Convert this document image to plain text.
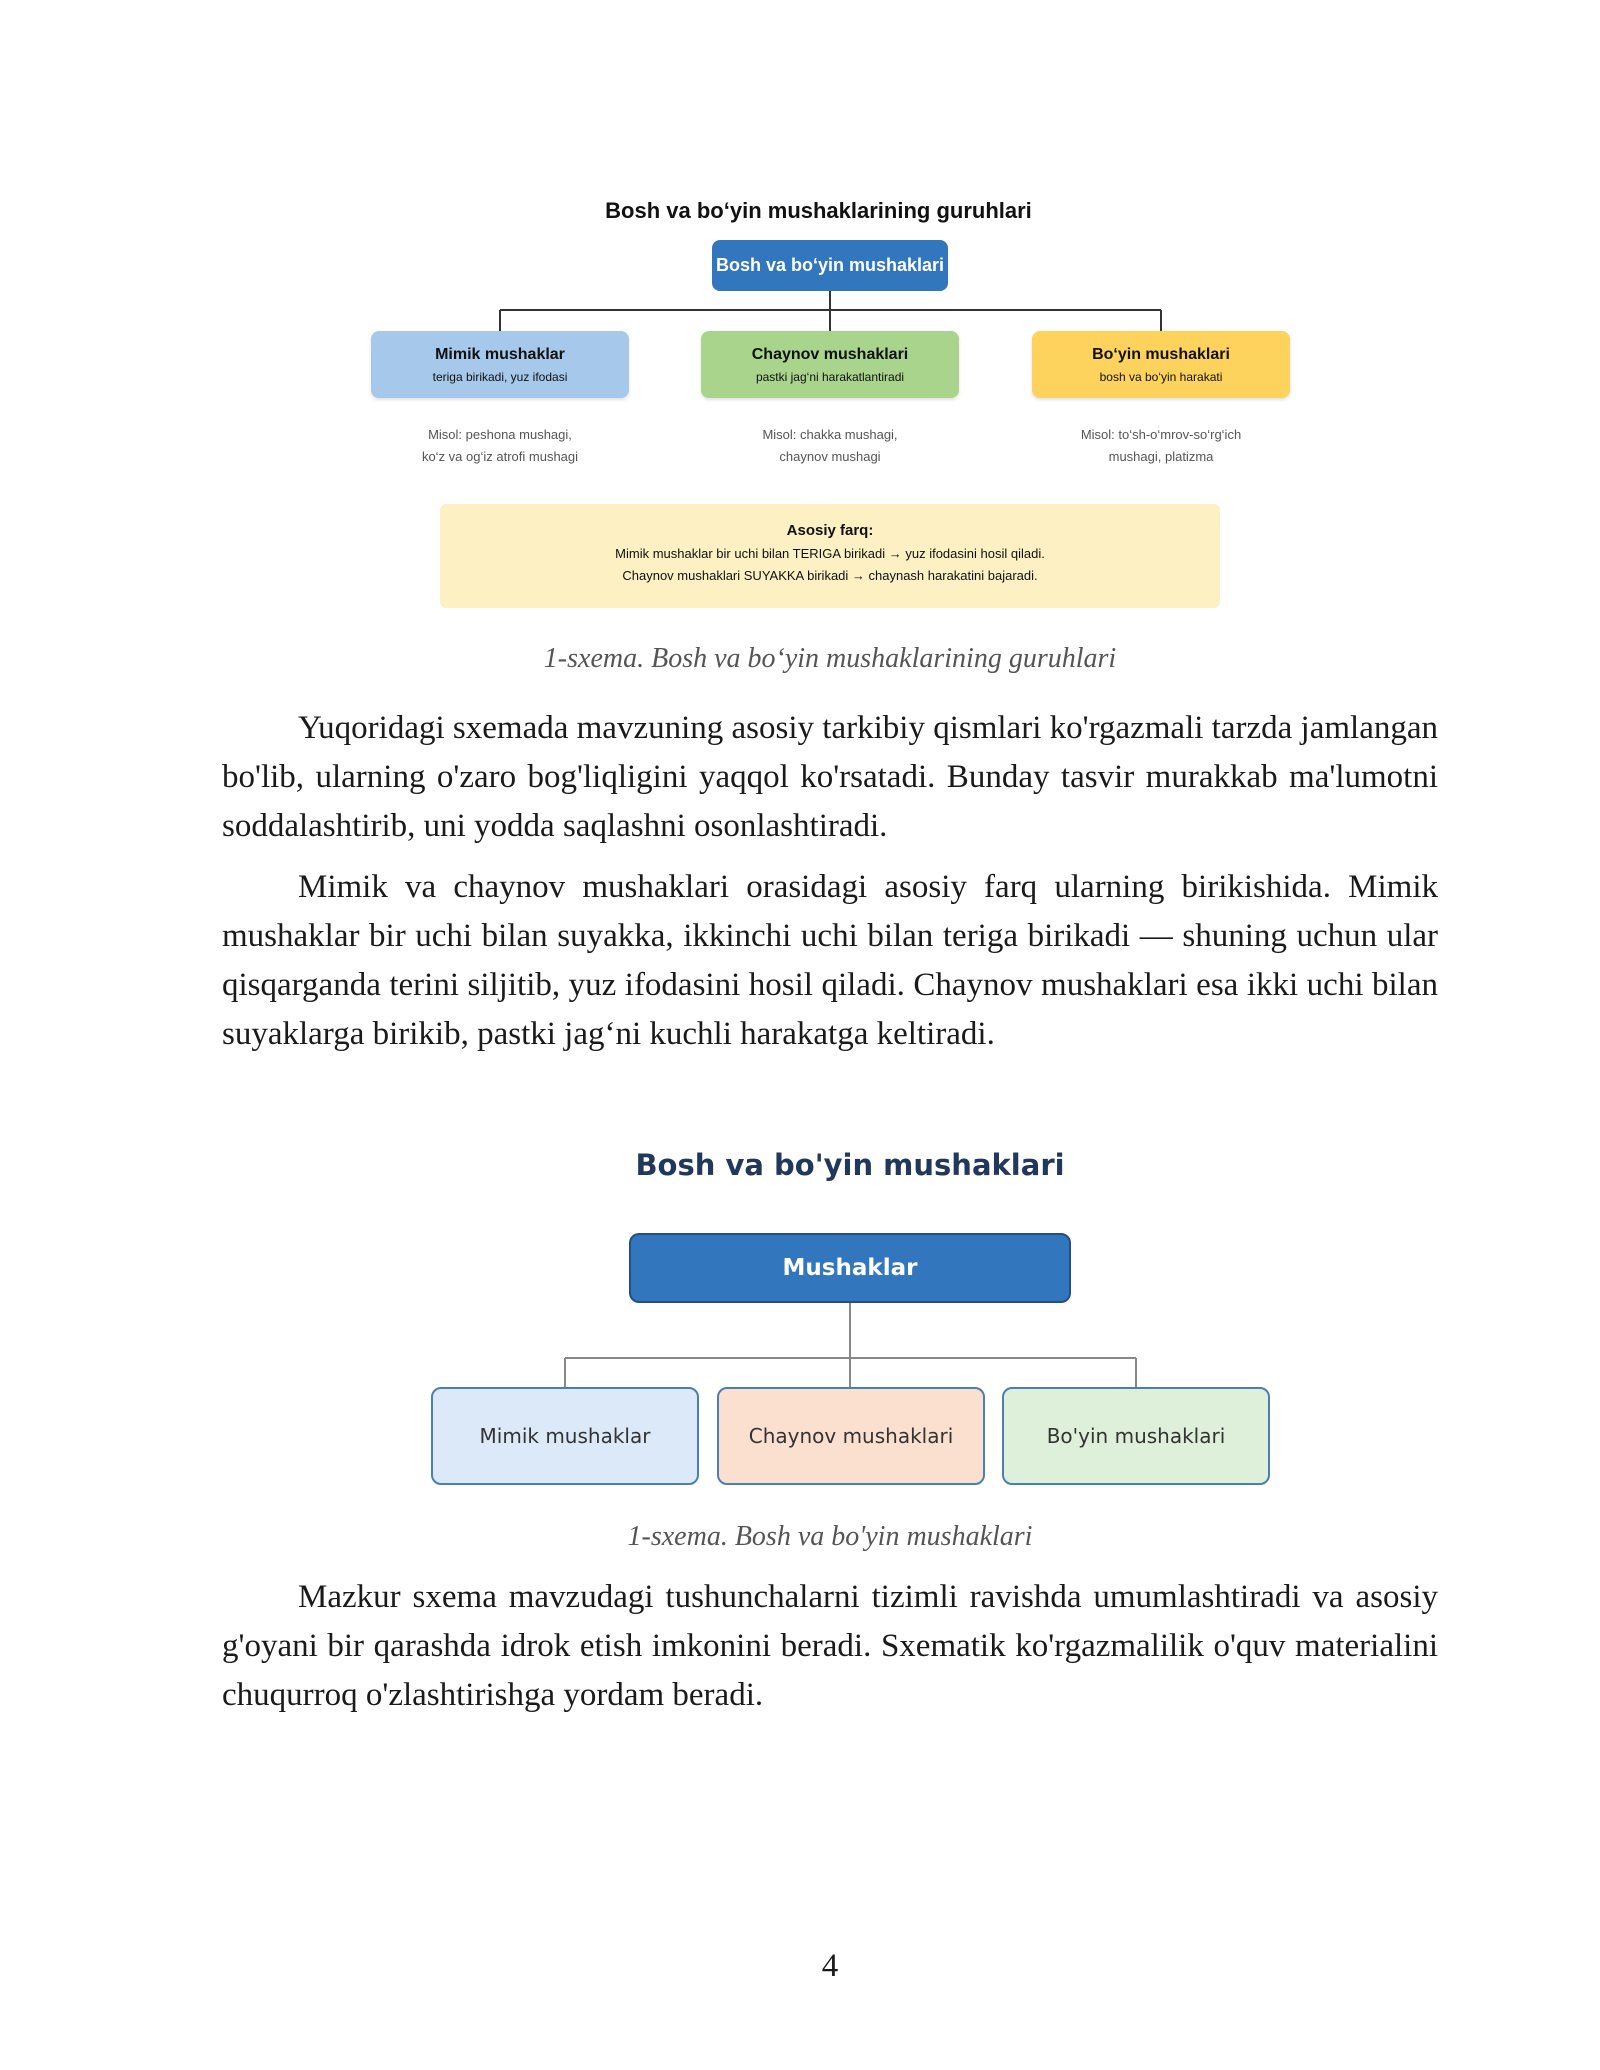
Bosh va bo‘yin mushaklarining guruhlari
Bosh va bo‘yin mushaklari
Mimik mushaklar
teriga birikadi, yuz ifodasi
Chaynov mushaklari
pastki jag‘ni harakatlantiradi
Bo‘yin mushaklari
bosh va bo‘yin harakati
Misol: peshona mushagi,
ko‘z va og‘iz atrofi mushagi
Misol: chakka mushagi,
chaynov mushagi
Misol: to‘sh-o‘mrov-so‘rg‘ich
mushagi, platizma
Asosiy farq:
Mimik mushaklar bir uchi bilan TERIGA birikadi → yuz ifodasini hosil qiladi.
Chaynov mushaklari SUYAKKA birikadi → chaynash harakatini bajaradi.
1-sxema. Bosh va bo‘yin mushaklarining guruhlari

Yuqoridagi sxemada mavzuning asosiy tarkibiy qismlari ko'rgazmali tarzda jamlangan bo'lib, ularning o'zaro bog'liqligini yaqqol ko'rsatadi. Bunday tasvir murakkab ma'lumotni soddalashtirib, uni yodda saqlashni osonlashtiradi.

Mimik va chaynov mushaklari orasidagi asosiy farq ularning birikishida. Mimik mushaklar bir uchi bilan suyakka, ikkinchi uchi bilan teriga birikadi — shuning uchun ular qisqarganda terini siljitib, yuz ifodasini hosil qiladi. Chaynov mushaklari esa ikki uchi bilan suyaklarga birikib, pastki jag‘ni kuchli harakatga keltiradi.

Bosh va bo'yin mushaklari
Mushaklar
Mimik mushaklar	Chaynov mushaklari	Bo'yin mushaklari
1-sxema. Bosh va bo'yin mushaklari

Mazkur sxema mavzudagi tushunchalarni tizimli ravishda umumlashtiradi va asosiy g'oyani bir qarashda idrok etish imkonini beradi. Sxematik ko'rgazmalilik o'quv materialini chuqurroq o'zlashtirishga yordam beradi.

4
